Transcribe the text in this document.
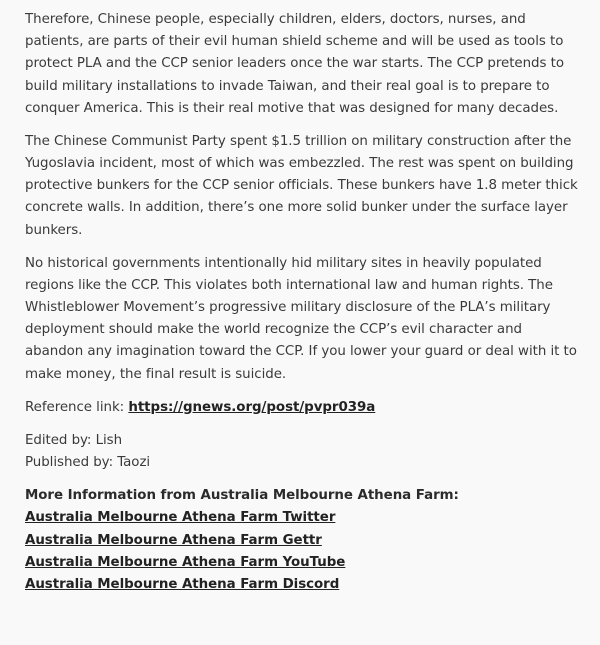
Therefore, Chinese people, especially children, elders, doctors, nurses, and patients, are parts of their evil human shield scheme and will be used as tools to protect PLA and the CCP senior leaders once the war starts. The CCP pretends to build military installations to invade Taiwan, and their real goal is to prepare to conquer America. This is their real motive that was designed for many decades.

The Chinese Communist Party spent $1.5 trillion on military construction after the Yugoslavia incident, most of which was embezzled. The rest was spent on building protective bunkers for the CCP senior officials. These bunkers have 1.8 meter thick concrete walls. In addition, there’s one more solid bunker under the surface layer bunkers.

No historical governments intentionally hid military sites in heavily populated regions like the CCP. This violates both international law and human rights. The Whistleblower Movement’s progressive military disclosure of the PLA’s military deployment should make the world recognize the CCP’s evil character and abandon any imagination toward the CCP. If you lower your guard or deal with it to make money, the final result is suicide.

Reference link: https://gnews.org/post/pvpr039a

Edited by: Lish
Published by: Taozi
More Information from Australia Melbourne Athena Farm:
Australia Melbourne Athena Farm Twitter
Australia Melbourne Athena Farm Gettr
Australia Melbourne Athena Farm YouTube
Australia Melbourne Athena Farm Discord
